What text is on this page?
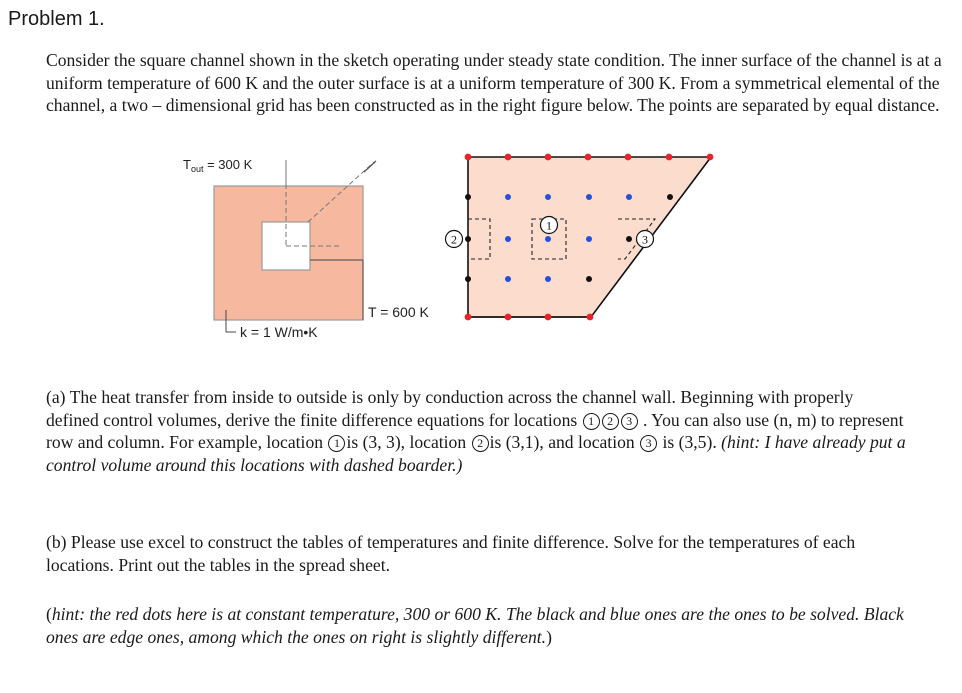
Problem 1.

Consider the square channel shown in the sketch operating under steady state condition. The inner surface of the channel is at a uniform temperature of 600 K and the outer surface is at a uniform temperature of 300 K. From a symmetrical elemental of the channel, a two – dimensional grid has been constructed as in the right figure below. The points are separated by equal distance.

$T_{out} = 300$ K
T = 600 K
k = 1 W/m•K
1
2	3

(a) The heat transfer from inside to outside is only by conduction across the channel wall. Beginning with properly defined control volumes, derive the finite difference equations for locations 1 2 3 . You can also use (n, m) to represent row and column. For example, location 1 is (3, 3), location 2 is (3,1), and location 3 is (3,5). (hint: I have already put a control volume around this locations with dashed boarder.)

(b) Please use excel to construct the tables of temperatures and finite difference. Solve for the temperatures of each locations. Print out the tables in the spread sheet.

(hint: the red dots here is at constant temperature, 300 or 600 K. The black and blue ones are the ones to be solved. Black ones are edge ones, among which the ones on right is slightly different.)
